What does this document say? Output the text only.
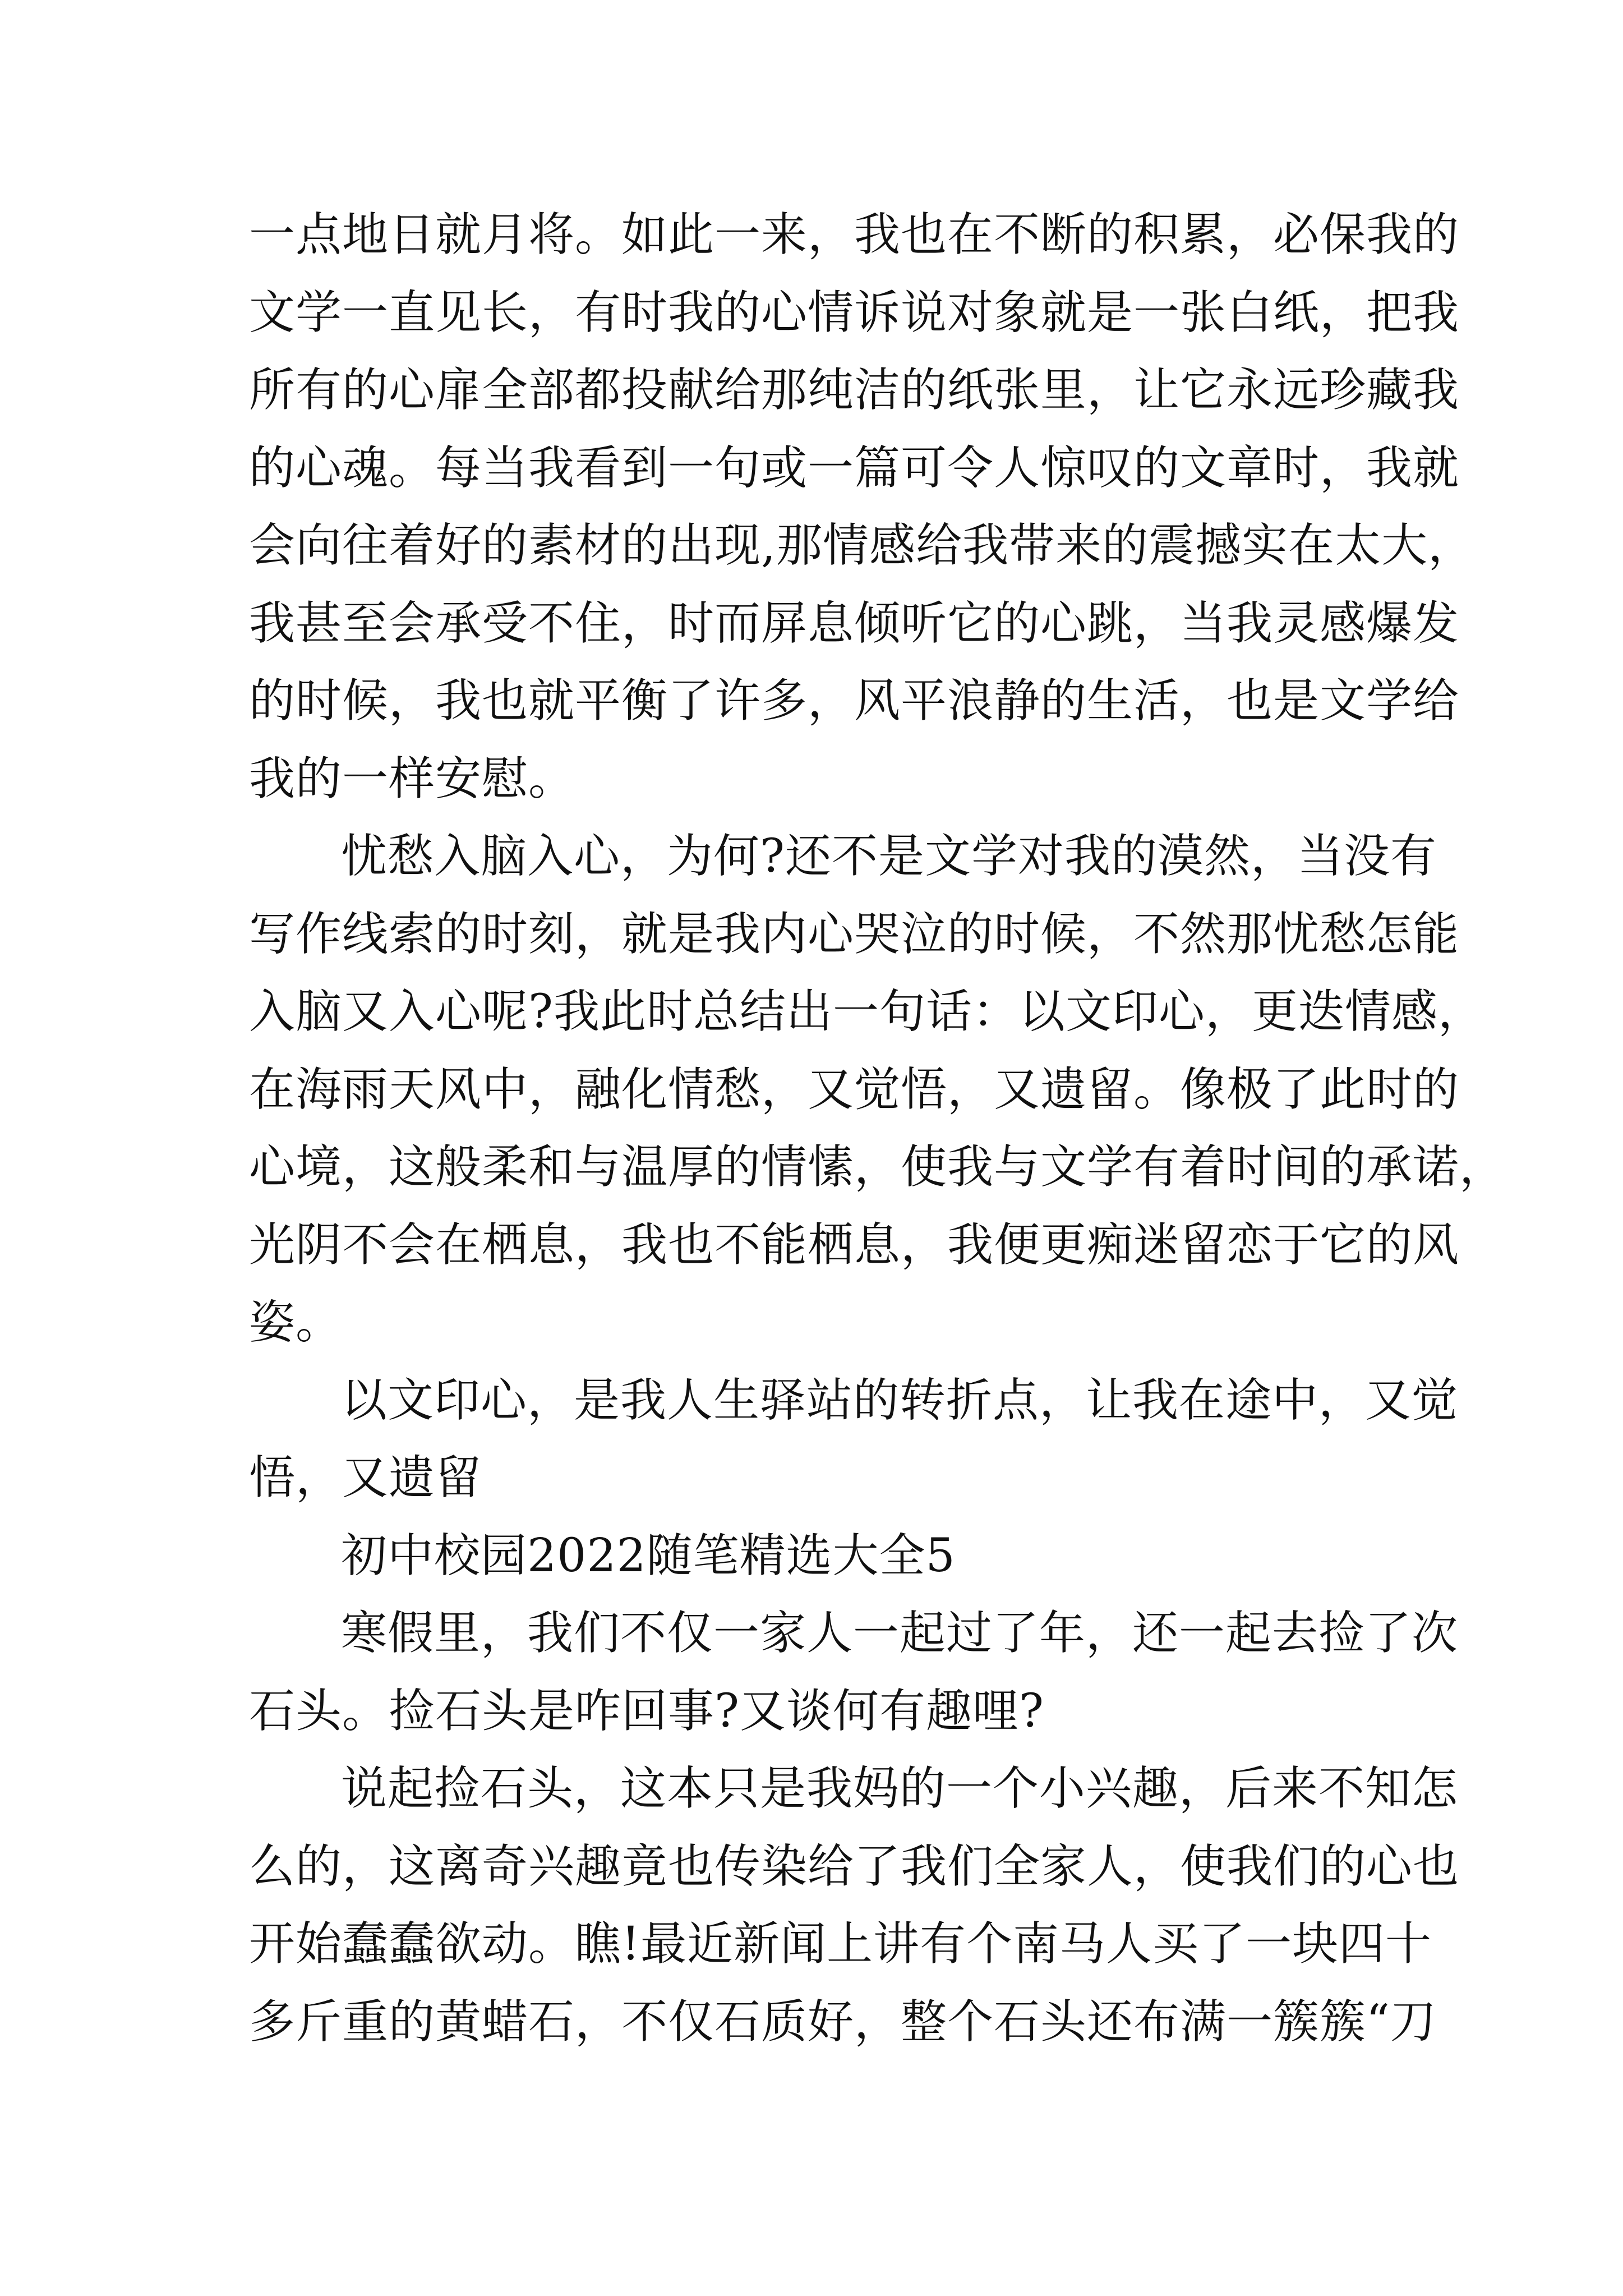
一点地日就月将。如此一来，我也在不断的积累，必保我的
文学一直见长，有时我的心情诉说对象就是一张白纸，把我
所有的心扉全部都投献给那纯洁的纸张里，让它永远珍藏我
的心魂。每当我看到一句或一篇可令人惊叹的文章时，我就
会向往着好的素材的出现,那情感给我带来的震撼实在太大，
我甚至会承受不住，时而屏息倾听它的心跳，当我灵感爆发
的时候，我也就平衡了许多，风平浪静的生活，也是文学给
我的一样安慰。
忧愁入脑入心，为何?还不是文学对我的漠然，当没有
写作线索的时刻，就是我内心哭泣的时候，不然那忧愁怎能
入脑又入心呢?我此时总结出一句话：以文印心，更迭情感，
在海雨天风中，融化情愁，又觉悟，又遗留。像极了此时的
心境，这般柔和与温厚的情愫，使我与文学有着时间的承诺，
光阴不会在栖息，我也不能栖息，我便更痴迷留恋于它的风
姿。
以文印心，是我人生驿站的转折点，让我在途中，又觉
悟，又遗留
初中校园2022随笔精选大全5
寒假里，我们不仅一家人一起过了年，还一起去捡了次
石头。捡石头是咋回事?又谈何有趣哩?
说起捡石头，这本只是我妈的一个小兴趣，后来不知怎
么的，这离奇兴趣竟也传染给了我们全家人，使我们的心也
开始蠢蠢欲动。瞧!最近新闻上讲有个南马人买了一块四十
多斤重的黄蜡石，不仅石质好，整个石头还布满一簇簇“刀
